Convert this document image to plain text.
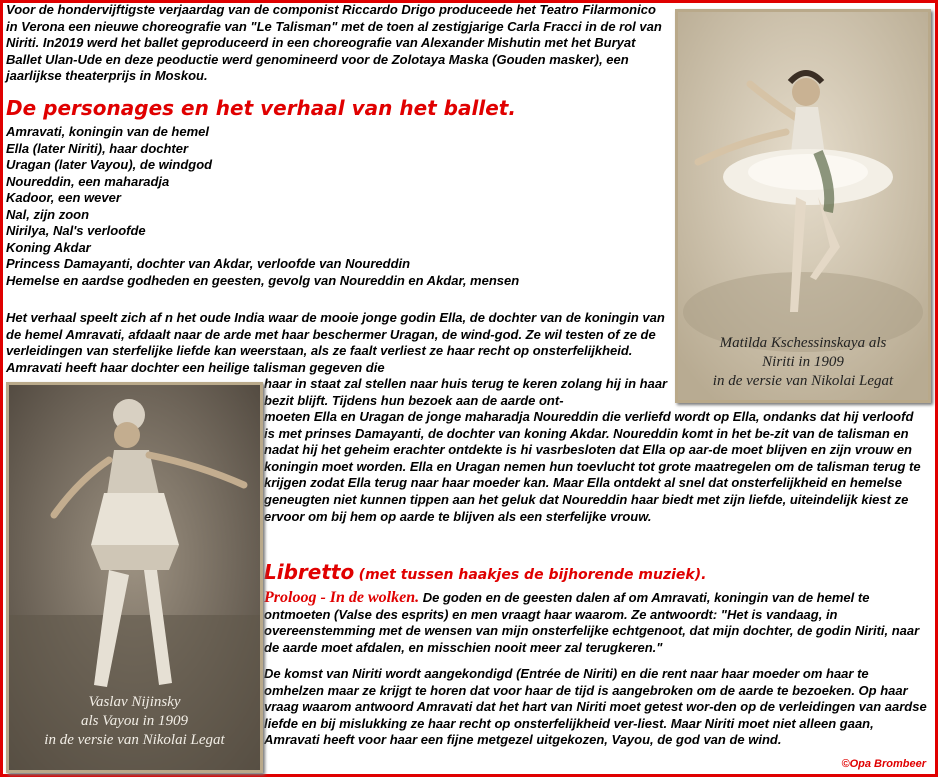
Voor de hondervijftigste verjaardag van de componist Riccardo Drigo produceede het Teatro Filarmonico in Verona een nieuwe choreografie van "Le Talisman" met de toen al zestigjarige Carla Fracci in de rol van Niriti. In2019 werd het ballet geproduceerd in een choreografie van Alexander Mishutin met het Buryat Ballet Ulan-Ude en deze peoductie werd genomineerd voor de Zolotaya Maska (Gouden masker), een jaarlijkse theaterprijs in Moskou.

De personages en het verhaal van het ballet.
Amravati, koningin van de hemel
Ella (later Niriti), haar dochter
Uragan (later Vayou), de windgod
Noureddin, een maharadja
Kadoor, een wever
Nal, zijn zoon
Nirilya, Nal's verloofde
Koning Akdar
Princess Damayanti, dochter van Akdar, verloofde van Noureddin
Hemelse en aardse godheden en geesten, gevolg van Noureddin en Akdar, mensen

Het verhaal speelt zich af n het oude India waar de mooie jonge godin Ella, de dochter van de koningin van de hemel Amravati, afdaalt naar de arde met haar beschermer Uragan, de wind-god. Ze wil testen of ze de verleidingen van sterfelijke liefde kan weerstaan, als ze faalt verliest ze haar recht op onsterfelijkheid. Amravati heeft haar dochter een heilige talisman gegeven die

haar in staat zal stellen naar huis terug te keren zolang hij in haar bezit blijft. Tijdens hun bezoek aan de aarde ont-

moeten Ella en Uragan de jonge maharadja Noureddin die verliefd wordt op Ella, ondanks dat hij verloofd is met prinses Damayanti, de dochter van koning Akdar. Noureddin komt in het be-zit van de talisman en nadat hij het geheim erachter ontdekte is hi vasrbesloten dat Ella op aar-de moet blijven en zijn vrouw en koningin moet worden. Ella en Uragan nemen hun toevlucht tot grote maatregelen om de talisman terug te krijgen zodat Ella terug naar haar moeder kan. Maar Ella ontdekt al snel dat onsterfelijkheid en hemelse geneugten niet kunnen tippen aan het geluk dat Noureddin haar biedt met zijn liefde, uiteindelijk kiest ze ervoor om bij hem op aarde te blijven als een sterfelijke vrouw.

Libretto (met tussen haakjes de bijhorende muziek).

Proloog - In de wolken. De goden en de geesten dalen af om Amravati, koningin van de hemel te ontmoeten (Valse des esprits) en men vraagt haar waarom. Ze antwoordt: "Het is vandaag, in overeenstemming met de wensen van mijn onsterfelijke echtgenoot, dat mijn dochter, de godin Niriti, naar de aarde moet afdalen, en misschien nooit meer zal terugkeren."

De komst van Niriti wordt aangekondigd (Entrée de Niriti) en die rent naar haar moeder om haar te omhelzen maar ze krijgt te horen dat voor haar de tijd is aangebroken om de aarde te bezoeken. Op haar vraag waarom antwoord Amravati dat het hart van Niriti moet getest wor-den op de verleidingen van aardse liefde en bij mislukking ze haar recht op onsterfelijkheid ver-liest. Maar Niriti moet niet alleen gaan, Amravati heeft voor haar een fijne metgezel uitgekozen, Vayou, de god van de wind.

Matilda Kschessinskaya als

Niriti in 1909

in de versie van Nikolai Legat

Vaslav Nijinsky

als Vayou in 1909

in de versie van Nikolai Legat

©Opa Brombeer
